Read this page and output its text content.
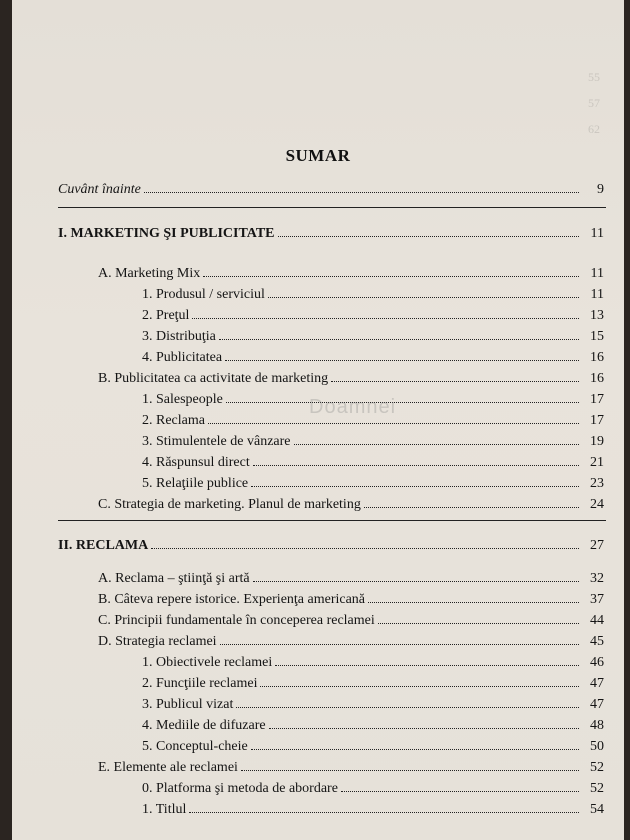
55
57
62
SUMAR
Cuvânt înainte	9
I. MARKETING ŞI PUBLICITATE	11
A. Marketing Mix	11
1. Produsul / serviciul	11
2. Preţul	13
3. Distribuţia	15
4. Publicitatea	16
B. Publicitatea ca activitate de marketing	16
1. Salespeople	17
2. Reclama	17
3. Stimulentele de vânzare	19
4. Răspunsul direct	21
5. Relaţiile publice	23
C. Strategia de marketing. Planul de marketing	24
II. RECLAMA	27
A. Reclama – ştiinţă şi artă	32
B. Câteva repere istorice. Experienţa americană	37
C. Principii fundamentale în conceperea reclamei	44
D. Strategia reclamei	45
1. Obiectivele reclamei	46
2. Funcţiile reclamei	47
3. Publicul vizat	47
4. Mediile de difuzare	48
5. Conceptul-cheie	50
E. Elemente ale reclamei	52
0. Platforma şi metoda de abordare	52
1. Titlul	54
Doamnei
